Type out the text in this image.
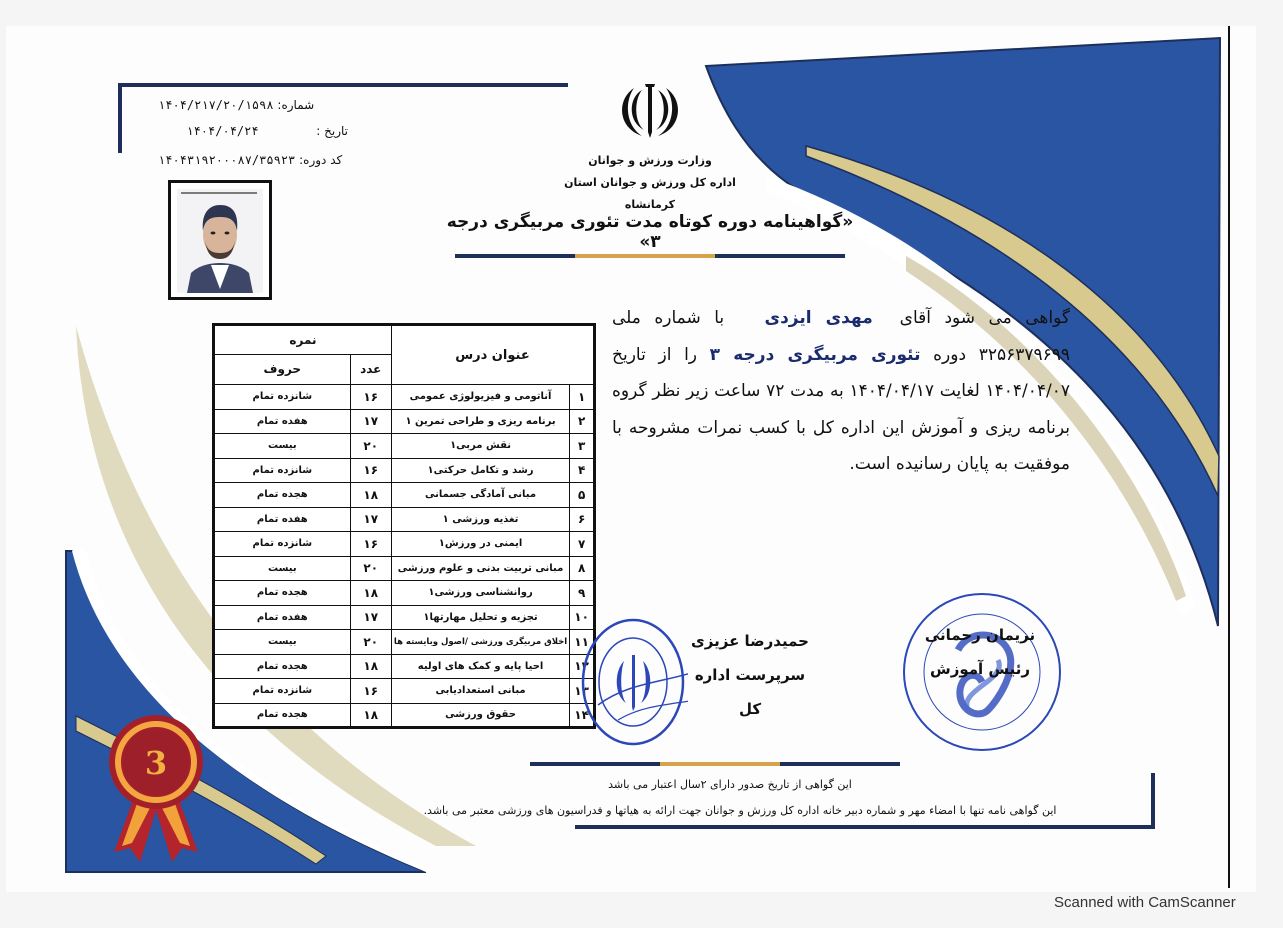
شماره: ۱۴۰۴/۲۱۷/۲۰/۱۵۹۸
تاریخ :  ۱۴۰۴/۰۴/۲۴
کد دوره: ۱۴۰۴۳۱۹۲۰۰۰۸۷/۳۵۹۲۳	وزارت ورزش و جوانان
اداره کل ورزش و جوانان استان کرمانشاه
«گواهینامه دوره کوتاه مدت تئوری مربیگری درجه ۳»
گواهی می شود آقای  مهدی ایزدی   با شماره ملی ۳۲۵۶۳۷۹۶۹۹ دوره تئوری مربیگری درجه ۳ را از تاریخ ۱۴۰۴/۰۴/۰۷ لغایت ۱۴۰۴/۰۴/۱۷ به مدت ۷۲ ساعت زیر نظر گروه برنامه ریزی و آموزش این اداره کل با کسب نمرات مشروحه با موفقیت به پایان رسانیده است.
عنوان درس		نمره	
		عدد	حروف
۱	آناتومی و فیزیولوژی عمومی	۱۶	شانزده تمام
۲	برنامه ریزی و طراحی تمرین ۱	۱۷	هفده تمام
۳	نقش مربی۱	۲۰	بیست
۴	رشد و تکامل حرکتی۱	۱۶	شانزده تمام
۵	مبانی آمادگی جسمانی	۱۸	هجده تمام
۶	تغذیه ورزشی ۱	۱۷	هفده تمام
۷	ایمنی در ورزش۱	۱۶	شانزده تمام
۸	مبانی تربیت بدنی و علوم ورزشی	۲۰	بیست
۹	روانشناسی ورزشی۱	۱۸	هجده تمام
۱۰	تجزیه و تحلیل مهارتها۱	۱۷	هفده تمام
۱۱	اخلاق مربیگری ورزشی /اصول وبایسته ها	۲۰	بیست
۱۲	احیا پایه و کمک های اولیه	۱۸	هجده تمام
۱۳	مبانی استعدادیابی	۱۶	شانزده تمام
۱۴	حقوق ورزشی	۱۸	هجده تمام
حمیدرضا عزیزی
سرپرست اداره کل
نریمان رحمانی
رئیس آموزش
این گواهی از تاریخ صدور دارای ۲سال اعتبار می باشد
این گواهی نامه تنها با امضاء مهر و شماره دبیر خانه اداره کل ورزش و جوانان جهت ارائه به هیاتها و فدراسیون های ورزشی معتبر می باشد.
3
Scanned with CamScanner
